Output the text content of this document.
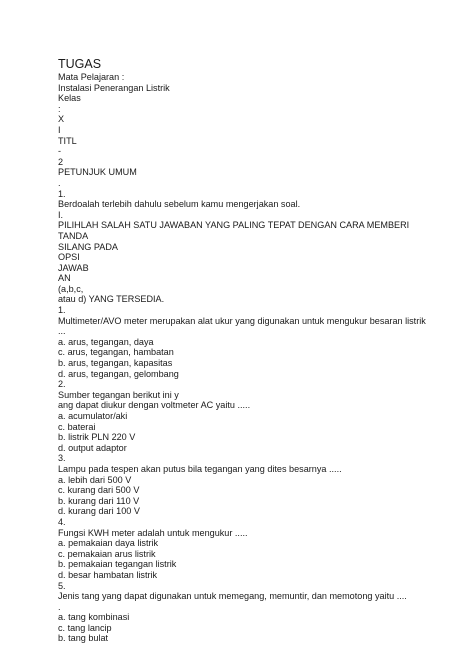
TUGAS
Mata Pelajaran :
Instalasi Penerangan Listrik
Kelas
:
X
I
TITL
-
2
PETUNJUK UMUM
.
1.
Berdoalah terlebih dahulu sebelum kamu mengerjakan soal.
I.
PILIHLAH SALAH SATU JAWABAN YANG PALING TEPAT DENGAN CARA MEMBERI
TANDA
SILANG PADA
OPSI
JAWAB
AN
(a,b,c,
atau d) YANG TERSEDIA.
1.
Multimeter/AVO meter merupakan alat ukur yang digunakan untuk mengukur besaran listrik
...
a. arus, tegangan, daya
c. arus, tegangan, hambatan
b. arus, tegangan, kapasitas
d. arus, tegangan, gelombang
2.
Sumber tegangan berikut ini y
ang dapat diukur dengan voltmeter AC yaitu .....
a. acumulator/aki
c. baterai
b. listrik PLN 220 V
d. output adaptor
3.
Lampu pada tespen akan putus bila tegangan yang dites besarnya .....
a. lebih dari 500 V
c. kurang dari 500 V
b. kurang dari 110 V
d. kurang dari 100 V
4.
Fungsi KWH meter adalah untuk mengukur .....
a. pemakaian daya listrik
c. pemakaian arus listrik
b. pemakaian tegangan listrik
d. besar hambatan listrik
5.
Jenis tang yang dapat digunakan untuk memegang, memuntir, dan memotong yaitu ....
.
a. tang kombinasi
c. tang lancip
b. tang bulat
